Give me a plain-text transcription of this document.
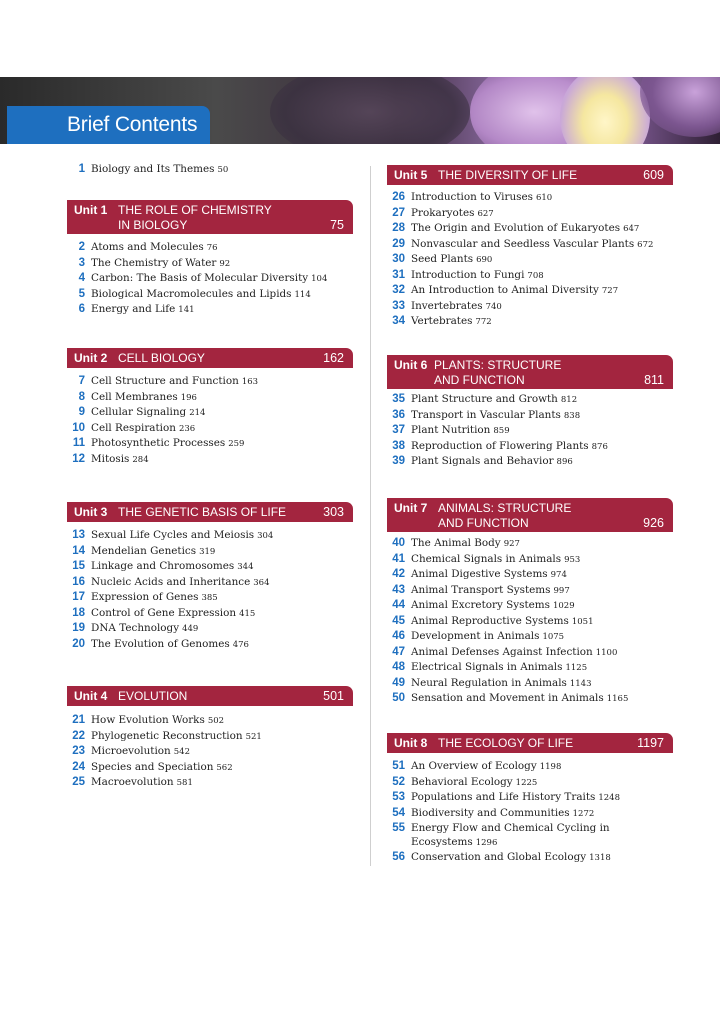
Brief Contents
1 Biology and Its Themes 50
Unit 1 THE ROLE OF CHEMISTRY
IN BIOLOGY	75
2 Atoms and Molecules 76
3 The Chemistry of Water 92
4 Carbon: The Basis of Molecular Diversity 104
5 Biological Macromolecules and Lipids 114
6 Energy and Life 141
Unit 2 CELL BIOLOGY	162
7 Cell Structure and Function 163
8 Cell Membranes 196
9 Cellular Signaling 214
10 Cell Respiration 236
11 Photosynthetic Processes 259
12 Mitosis 284
Unit 3 THE GENETIC BASIS OF LIFE	303
13 Sexual Life Cycles and Meiosis 304
14 Mendelian Genetics 319
15 Linkage and Chromosomes 344
16 Nucleic Acids and Inheritance 364
17 Expression of Genes 385
18 Control of Gene Expression 415
19 DNA Technology 449
20 The Evolution of Genomes 476
Unit 4 EVOLUTION	501
21 How Evolution Works 502
22 Phylogenetic Reconstruction 521
23 Microevolution 542
24 Species and Speciation 562
25 Macroevolution 581
Unit 5 THE DIVERSITY OF LIFE	609
26 Introduction to Viruses 610
27 Prokaryotes 627
28 The Origin and Evolution of Eukaryotes 647
29 Nonvascular and Seedless Vascular Plants 672
30 Seed Plants 690
31 Introduction to Fungi 708
32 An Introduction to Animal Diversity 727
33 Invertebrates 740
34 Vertebrates 772
Unit 6 PLANTS: STRUCTURE
AND FUNCTION	811
35 Plant Structure and Growth 812
36 Transport in Vascular Plants 838
37 Plant Nutrition 859
38 Reproduction of Flowering Plants 876
39 Plant Signals and Behavior 896
Unit 7 ANIMALS: STRUCTURE
AND FUNCTION	926
40 The Animal Body 927
41 Chemical Signals in Animals 953
42 Animal Digestive Systems 974
43 Animal Transport Systems 997
44 Animal Excretory Systems 1029
45 Animal Reproductive Systems 1051
46 Development in Animals 1075
47 Animal Defenses Against Infection 1100
48 Electrical Signals in Animals 1125
49 Neural Regulation in Animals 1143
50 Sensation and Movement in Animals 1165
Unit 8 THE ECOLOGY OF LIFE	1197
51 An Overview of Ecology 1198
52 Behavioral Ecology 1225
53 Populations and Life History Traits 1248
54 Biodiversity and Communities 1272
55 Energy Flow and Chemical Cycling in
Ecosystems 1296
56 Conservation and Global Ecology 1318
